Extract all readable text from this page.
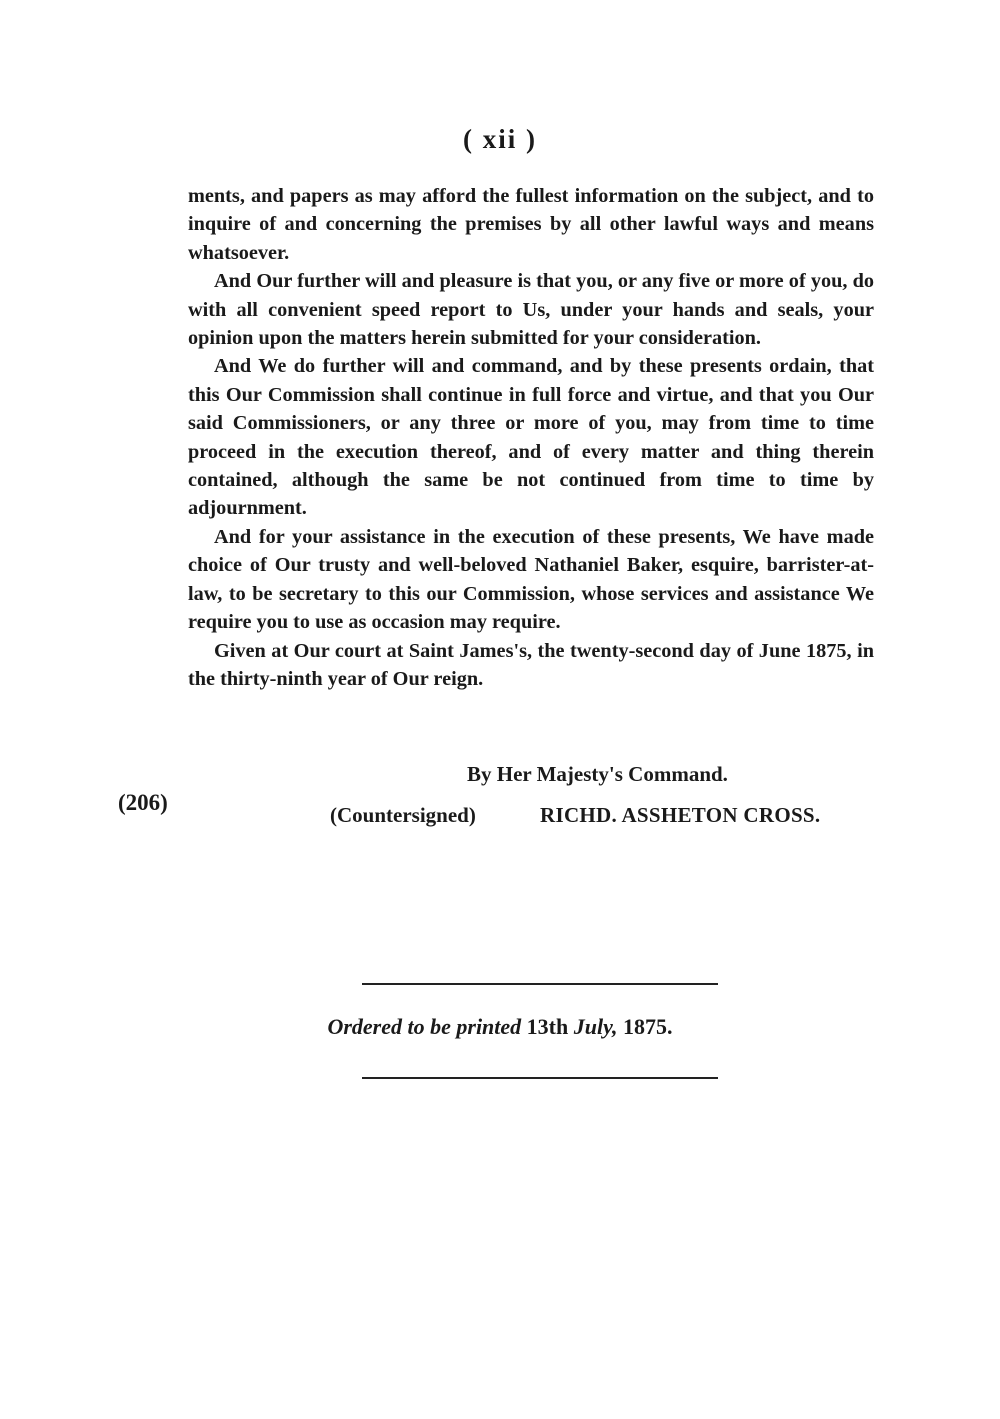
( xii )

ments, and papers as may afford the fullest information on the subject, and to inquire of and concerning the premises by all other lawful ways and means whatsoever.

And Our further will and pleasure is that you, or any five or more of you, do with all convenient speed report to Us, under your hands and seals, your opinion upon the matters herein submitted for your consideration.

And We do further will and command, and by these presents ordain, that this Our Commission shall continue in full force and virtue, and that you Our said Commissioners, or any three or more of you, may from time to time proceed in the execution thereof, and of every matter and thing therein contained, although the same be not continued from time to time by adjournment.

And for your assistance in the execution of these presents, We have made choice of Our trusty and well-beloved Nathaniel Baker, esquire, barrister-at-law, to be secretary to this our Commission, whose services and assistance We require you to use as occasion may require.

Given at Our court at Saint James's, the twenty-second day of June 1875, in the thirty-ninth year of Our reign.

By Her Majesty's Command.
(206)	(Countersigned)	RICHD. ASSHETON CROSS.
Ordered to be printed 13th July, 1875.
